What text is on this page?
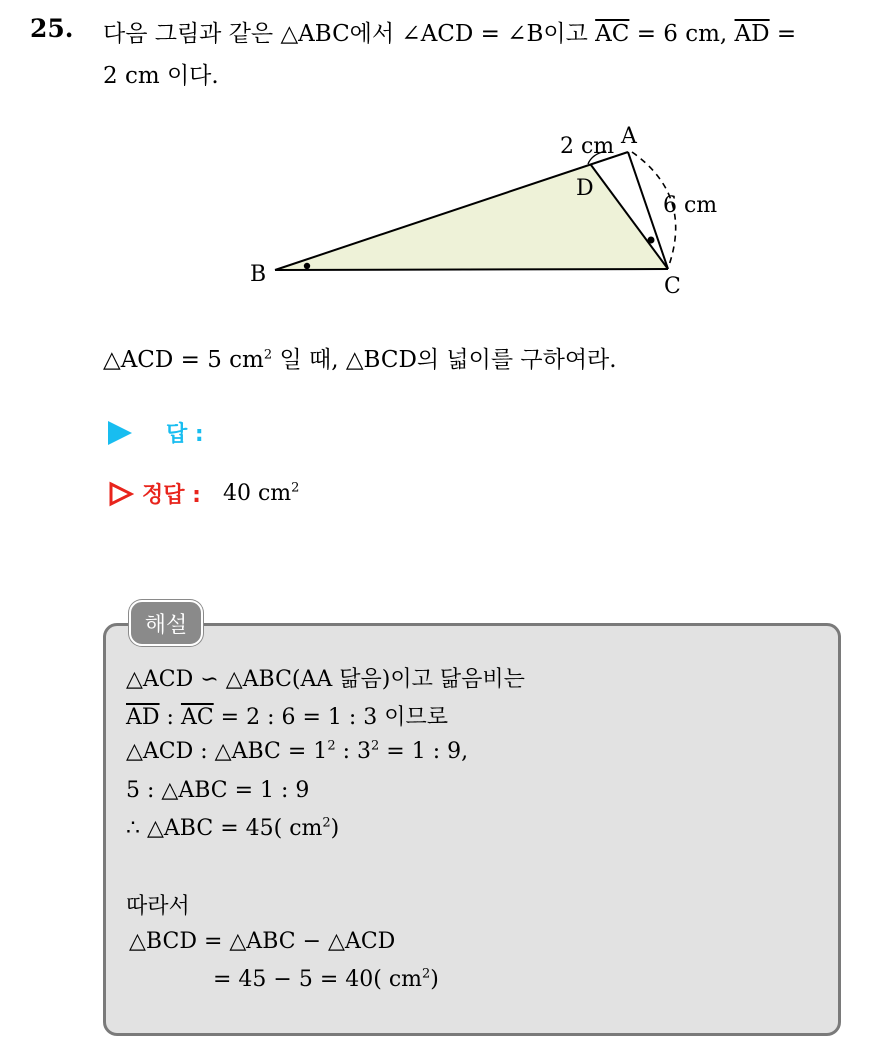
25. 다음 그림과 같은 △ABC에서 ∠ACD = ∠B이고 $\overline{AC} = 6$ cm, $\overline{AD}$ =
2 cm 이다.
A
B	C
D
2 cm
6 cm
△ACD = 5 $cm^2$ 일 때, △BCD의 넓이를 구하여라.
답 :
정답 : 40 $cm^2$
해설
△ACD ∽ △ABC(AA 닮음)이고 닮음비는
$\overline{AD}$ : $\overline{AC} = 2$ : 6 = 1 : 3 이므로
△ACD : △ABC = $1^2$ : $3^2 = 1$ : 9,
5 : △ABC = 1 : 9
∴ △ABC = 45( $cm^2$)
따라서
△BCD = △ABC − △ACD
= 45 − 5 = 40( $cm^2$)
